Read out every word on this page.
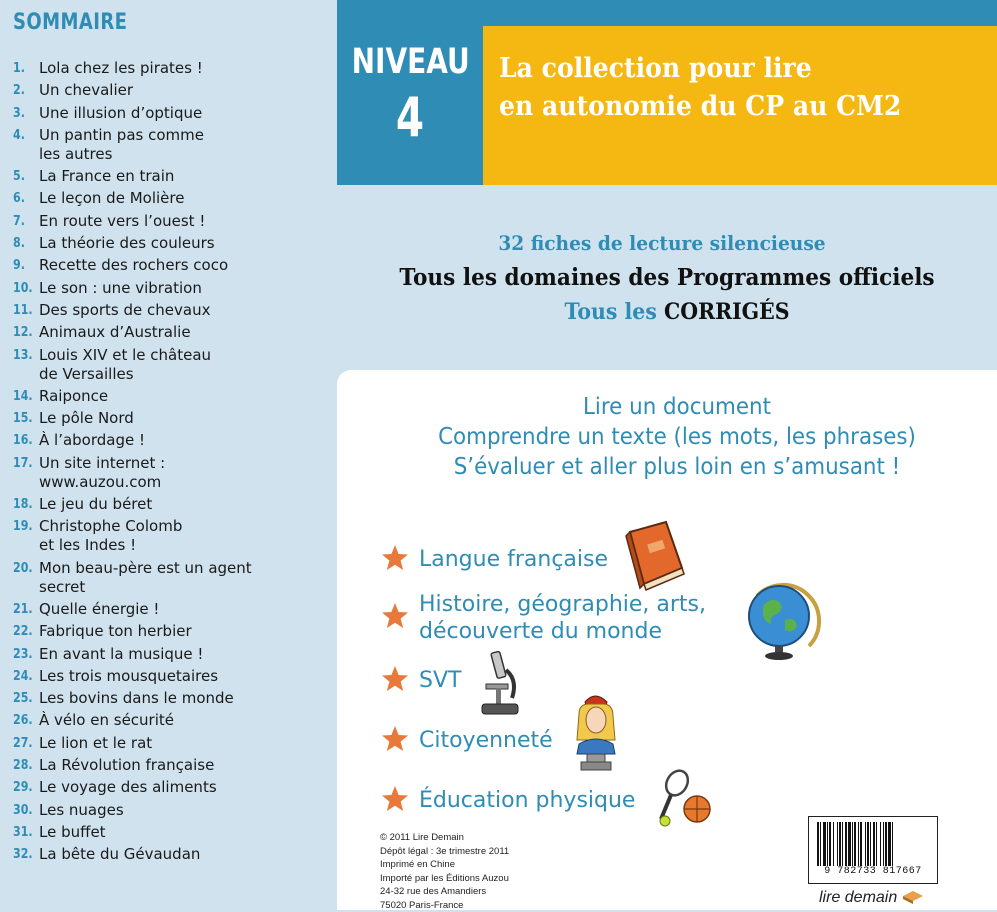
SOMMAIRE
1. Lola chez les pirates !
2. Un chevalier
3. Une illusion d’optique
4. Un pantin pas comme
les autres
5. La France en train
6. Le leçon de Molière
7. En route vers l’ouest !
8. La théorie des couleurs
9. Recette des rochers coco
10. Le son : une vibration
11. Des sports de chevaux
12. Animaux d’Australie
13. Louis XIV et le château
de Versailles
14. Raiponce
15. Le pôle Nord
16. À l’abordage !
17. Un site internet :
www.auzou.com
18. Le jeu du béret
19. Christophe Colomb
et les Indes !
20. Mon beau-père est un agent
secret
21. Quelle énergie !
22. Fabrique ton herbier
23. En avant la musique !
24. Les trois mousquetaires
25. Les bovins dans le monde
26. À vélo en sécurité
27. Le lion et le rat
28. La Révolution française
29. Le voyage des aliments
30. Les nuages
31. Le buffet
32. La bête du Gévaudan
NIVEAU
4
La collection pour lire
en autonomie du CP au CM2
32 fiches de lecture silencieuse
Tous les domaines des Programmes officiels
Tous les CORRIGÉS
Lire un document
Comprendre un texte (les mots, les phrases)
S’évaluer et aller plus loin en s’amusant !
Langue française
Histoire, géographie, arts,
découverte du monde
SVT
Citoyenneté
Éducation physique
© 2011 Lire Demain
Dépôt légal : 3e trimestre 2011
Imprimé en Chine
Importé par les Éditions Auzou
24-32 rue des Amandiers
75020 Paris-France
9 782733 817667
lire demain
